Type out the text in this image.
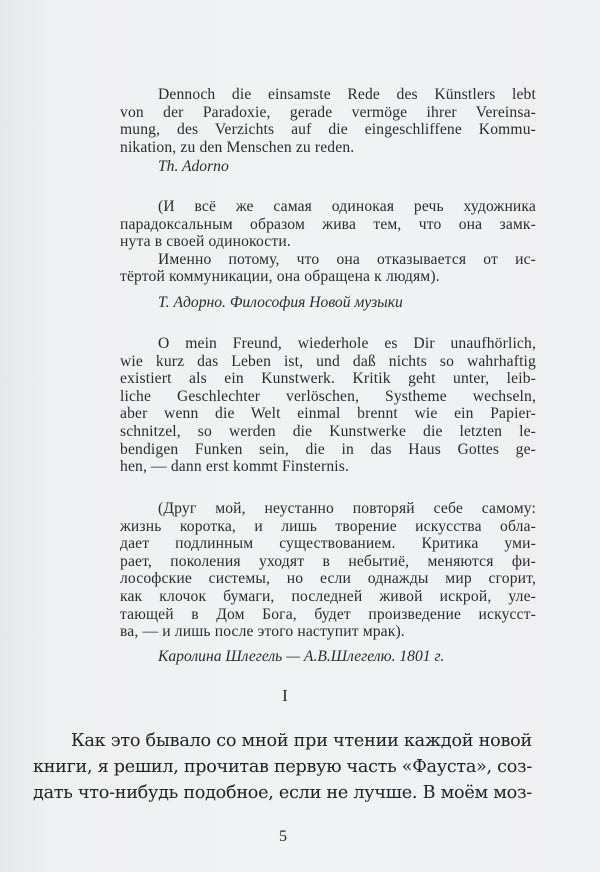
Dennoch die einsamste Rede des Künstlers lebt
von der Paradoxie, gerade vermöge ihrer Vereinsa-
mung, des Verzichts auf die eingeschliffene Kommu-
nikation, zu den Menschen zu reden.
Th. Adorno
(И всё же самая одинокая речь художника
парадоксальным образом жива тем, что она замк-
нута в своей одинокости.
Именно потому, что она отказывается от ис-
тёртой коммуникации, она обращена к людям).
Т. Адорно. Философия Новой музыки
O mein Freund, wiederhole es Dir unaufhörlich,
wie kurz das Leben ist, und daß nichts so wahrhaftig
existiert als ein Kunstwerk. Kritik geht unter, leib-
liche Geschlechter verlöschen, Systheme wechseln,
aber wenn die Welt einmal brennt wie ein Papier-
schnitzel, so werden die Kunstwerke die letzten le-
bendigen Funken sein, die in das Haus Gottes ge-
hen, — dann erst kommt Finsternis.
(Друг мой, неустанно повторяй себе самому:
жизнь коротка, и лишь творение искусства обла-
дает подлинным существованием. Критика уми-
рает, поколения уходят в небытиё, меняются фи-
лософские системы, но если однажды мир сгорит,
как клочок бумаги, последней живой искрой, уле-
тающей в Дом Бога, будет произведение искусст-
ва, — и лишь после этого наступит мрак).
Каролина Шлегель — А.В.Шлегелю. 1801 г.
I
Как это бывало со мной при чтении каждой новой
книги, я решил, прочитав первую часть «Фауста», соз-
дать что-нибудь подобное, если не лучше. В моём моз-
5
